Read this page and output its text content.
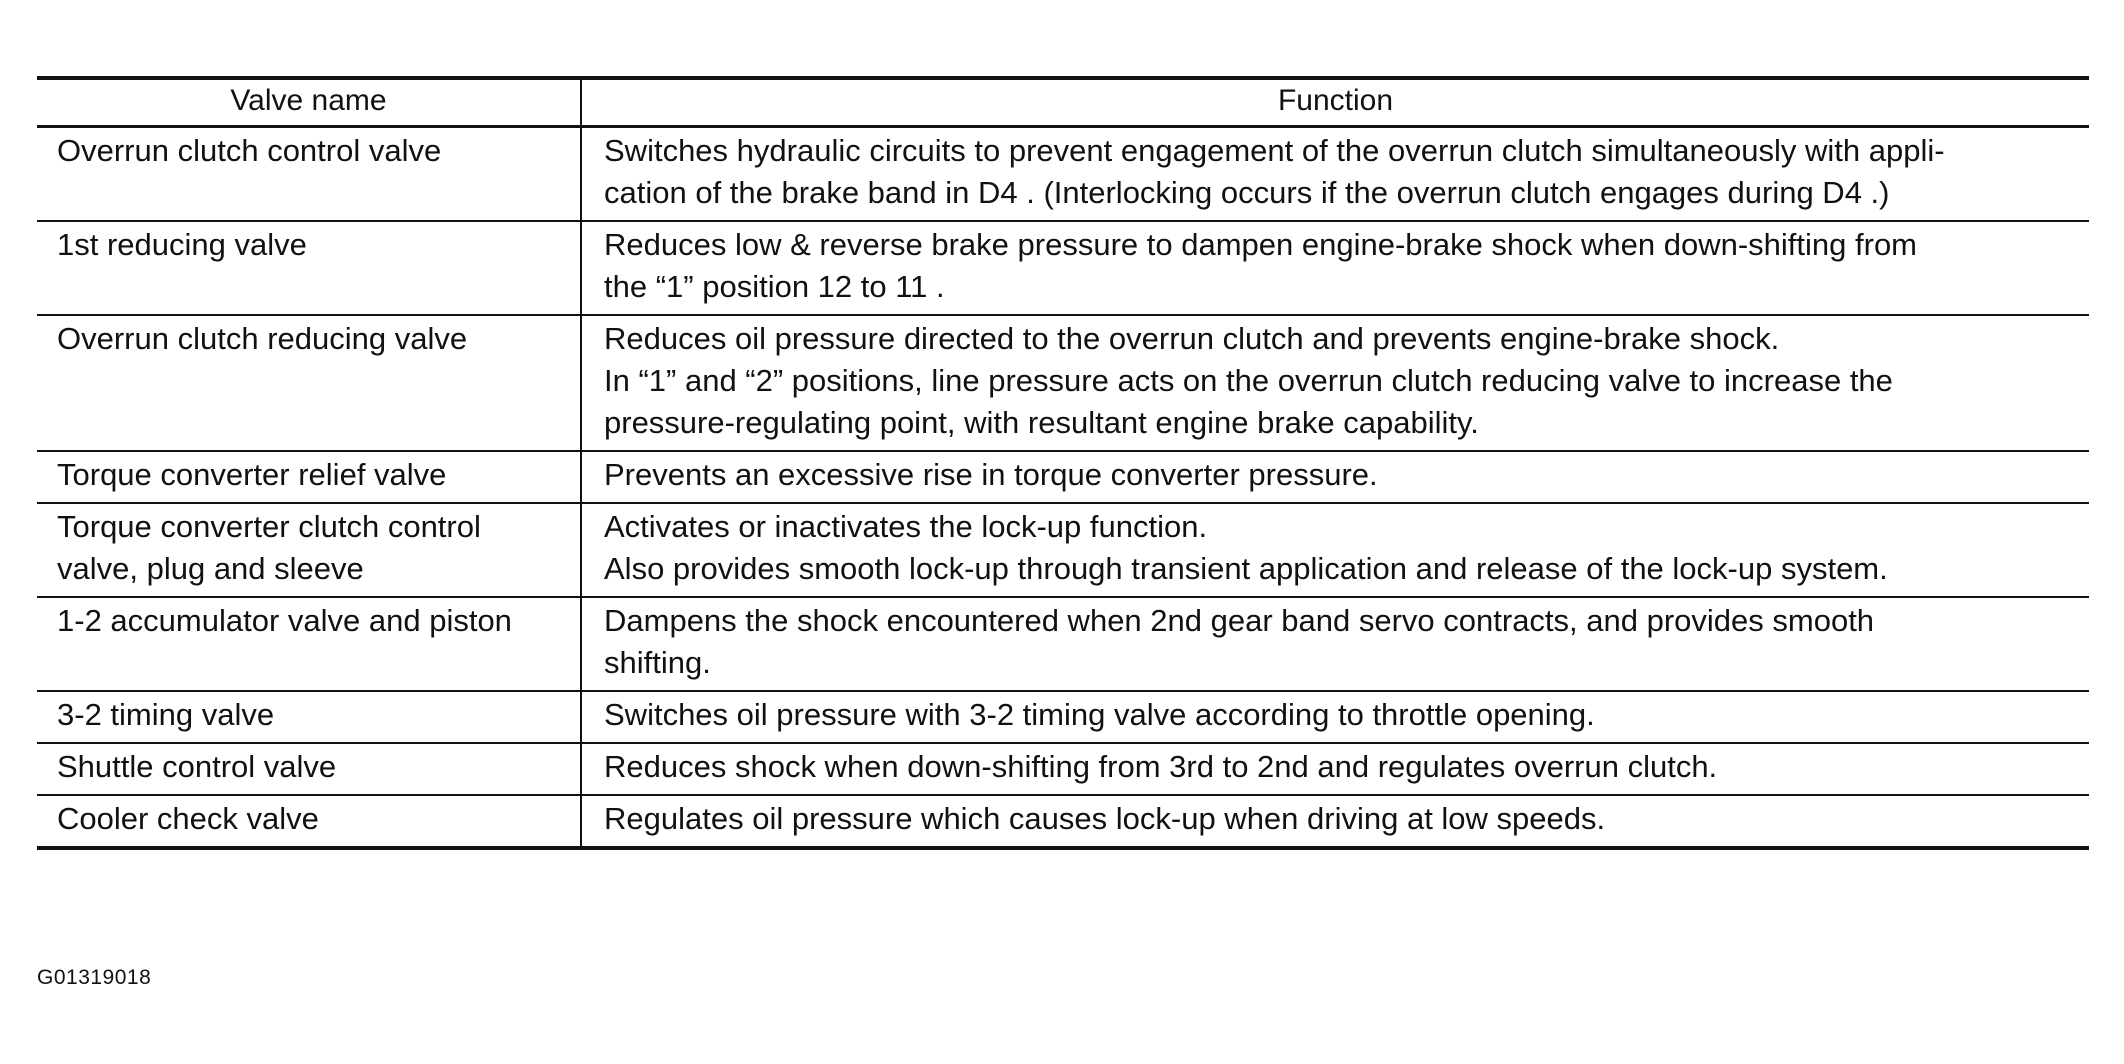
Valve name	Function
Overrun clutch control valve	Switches hydraulic circuits to prevent engagement of the overrun clutch simultaneously with appli-
cation of the brake band in D4 . (Interlocking occurs if the overrun clutch engages during D4 .)

1st reducing valve	Reduces low & reverse brake pressure to dampen engine-brake shock when down-shifting from
the “1” position 12 to 11 .

Overrun clutch reducing valve	Reduces oil pressure directed to the overrun clutch and prevents engine-brake shock.
In “1” and “2” positions, line pressure acts on the overrun clutch reducing valve to increase the
pressure-regulating point, with resultant engine brake capability.

Torque converter relief valve	Prevents an excessive rise in torque converter pressure.

Torque converter clutch control valve, plug and sleeve	Activates or inactivates the lock-up function.
Also provides smooth lock-up through transient application and release of the lock-up system.

1-2 accumulator valve and piston	Dampens the shock encountered when 2nd gear band servo contracts, and provides smooth
shifting.

3-2 timing valve	Switches oil pressure with 3-2 timing valve according to throttle opening.

Shuttle control valve	Reduces shock when down-shifting from 3rd to 2nd and regulates overrun clutch.

Cooler check valve	Regulates oil pressure which causes lock-up when driving at low speeds.
G01319018
